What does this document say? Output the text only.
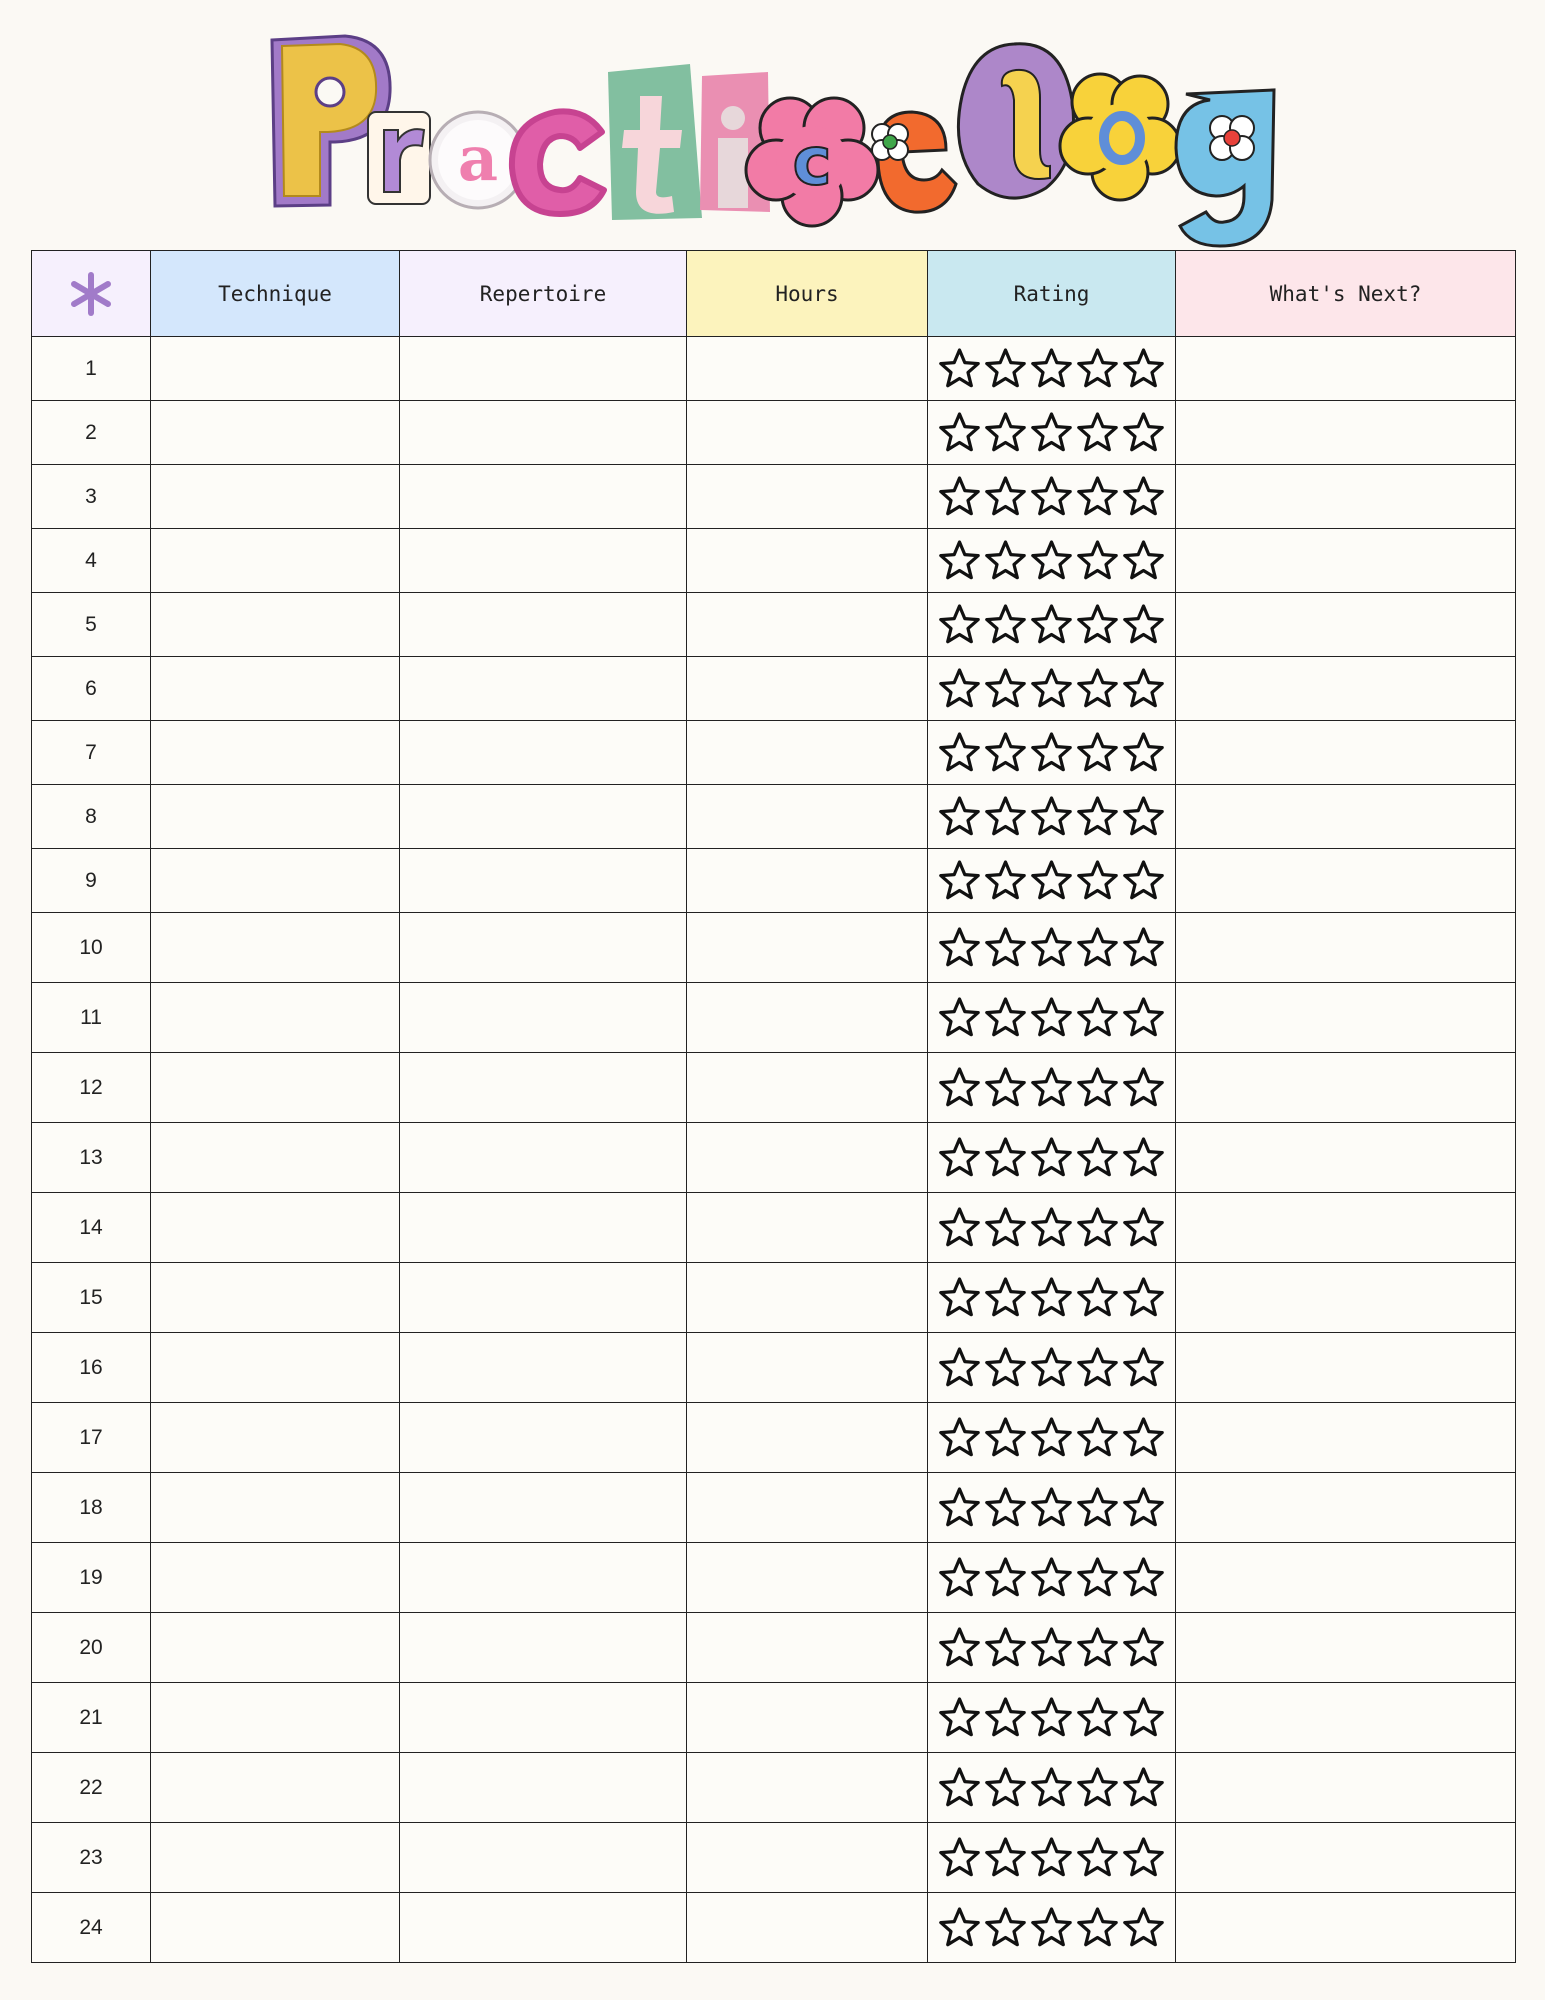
a	c
	Technique	Repertoire	Hours	Rating	What's Next?
1				

2				

3				

4				

5				

6				

7				

8				

9				

10				

11				

12				

13				

14				

15				

16				

17				

18				

19				

20				

21				

22				

23				

24				
